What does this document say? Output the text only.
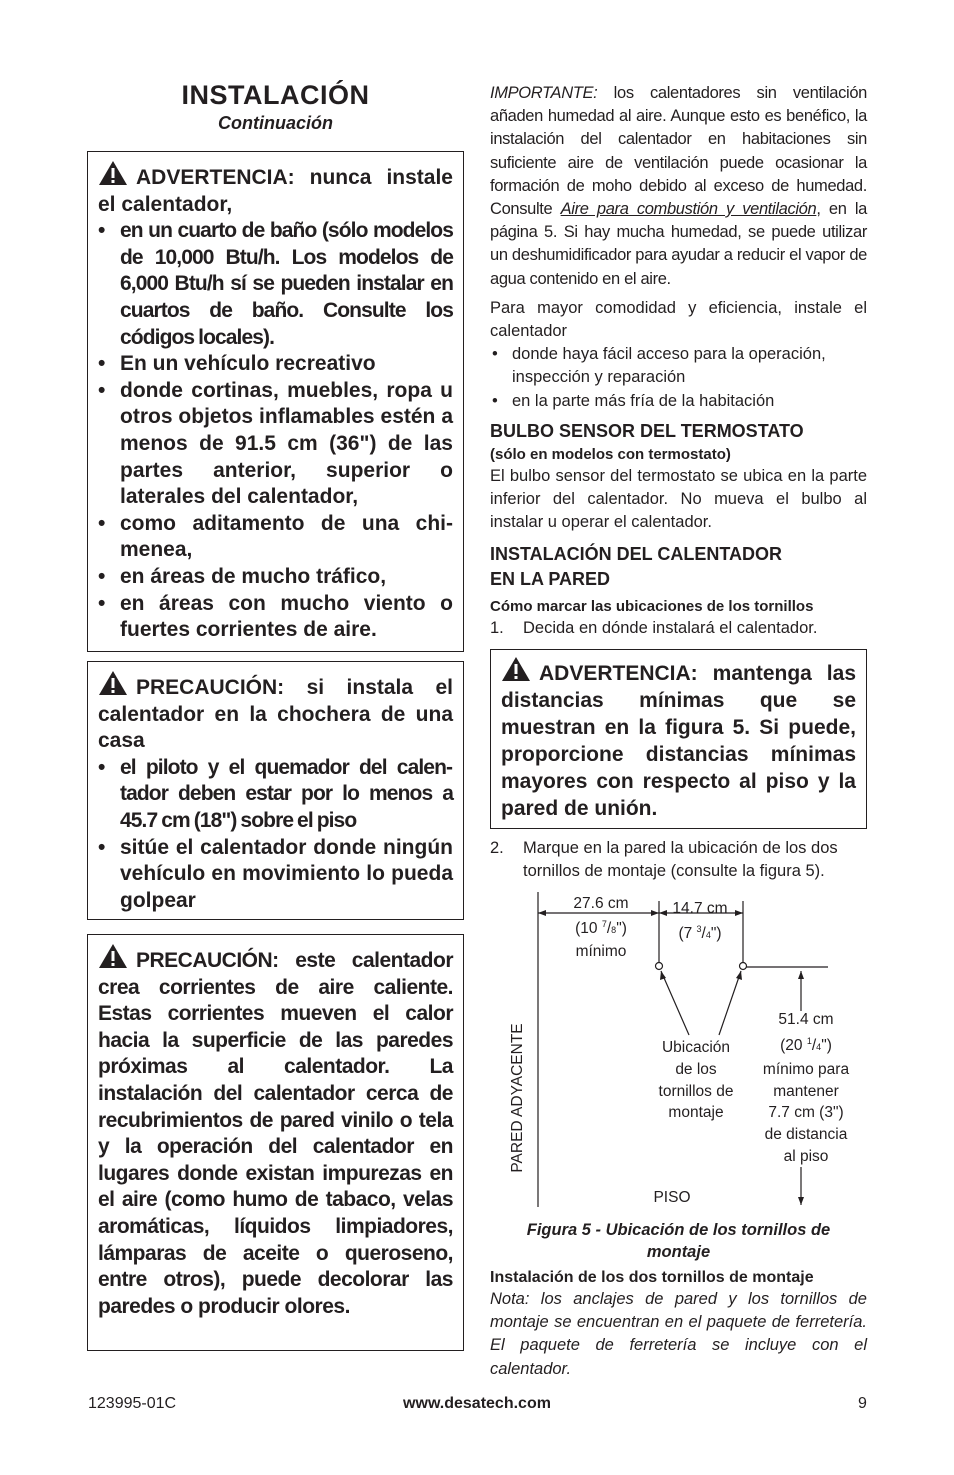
INSTALACIÓN

Continuación

ADVERTENCIA: nunca instale el calentador,

• en un cuarto de baño (sólo modelos de 10,000 Btu/h. Los modelos de 6,000 Btu/h sí se pueden instalar en cuartos de baño. Consulte los códigos locales).
• En un vehículo recreativo
• donde cortinas, muebles, ropa u otros objetos inflamables estén a menos de 91.5 cm (36") de las partes anterior, superior o laterales del calentador,
• como aditamento de una chimenea,
• en áreas de mucho tráfico,
• en áreas con mucho viento o fuertes corrientes de aire.

PRECAUCIÓN: si instala el calentador en la chochera de una casa

• el piloto y el quemador del calentador deben estar por lo menos a 45.7 cm (18") sobre el piso
• sitúe el calentador donde ningún vehículo en movimiento lo pueda golpear

PRECAUCIÓN: este calentador crea corrientes de aire caliente. Estas corrientes mueven el calor hacia la superficie de las paredes próximas al calentador. La instalación del calentador cerca de recubrimientos de pared vinilo o tela y la operación del calentador en lugares donde existan impurezas en el aire (como humo de tabaco, velas aromáticas, líquidos limpiadores, lámparas de aceite o queroseno, entre otros), puede decolorar las paredes o producir olores.

IMPORTANTE: los calentadores sin ventilación añaden humedad al aire. Aunque esto es benéfico, la instalación del calentador en habitaciones sin suficiente aire de ventilación puede ocasionar la formación de moho debido al exceso de humedad. Consulte Aire para combustión y ventilación, en la página 5. Si hay mucha humedad, se puede utilizar un deshumidificador para ayudar a reducir el vapor de agua contenido en el aire.

Para mayor comodidad y eficiencia, instale el calentador

• donde haya fácil acceso para la operación, inspección y reparación

• en la parte más fría de la habitación

BULBO SENSOR DEL TERMOSTATO

(sólo en modelos con termostato)

El bulbo sensor del termostato se ubica en la parte inferior del calentador. No mueva el bulbo al instalar u operar el calentador.

INSTALACIÓN DEL CALENTADOR
EN LA PARED

Cómo marcar las ubicaciones de los tornillos

1. Decida en dónde instalará el calentador.

ADVERTENCIA: mantenga las distancias mínimas que se muestran en la figura 5. Si puede, proporcione distancias mínimas mayores con respecto al piso y la pared de unión.

2. Marque en la pared la ubicación de los dos tornillos de montaje (consulte la figura 5).

27.6 cm
(10 $^7$/8")
mínimo
14.7 cm
(7 $^3$/4")
51.4 cm
(20 $^1$/4")
mínimo para
mantener
7.7 cm (3")
de distancia
al piso
Ubicación
de los
tornillos de
montaje
PARED ADYACENTE
PISO

Figura 5 - Ubicación de los tornillos de
montaje

Instalación de los dos tornillos de montaje

Nota: los anclajes de pared y los tornillos de montaje se encuentran en el paquete de ferretería. El paquete de ferretería se incluye con el calentador.

123995-01C	www.desatech.com	9
